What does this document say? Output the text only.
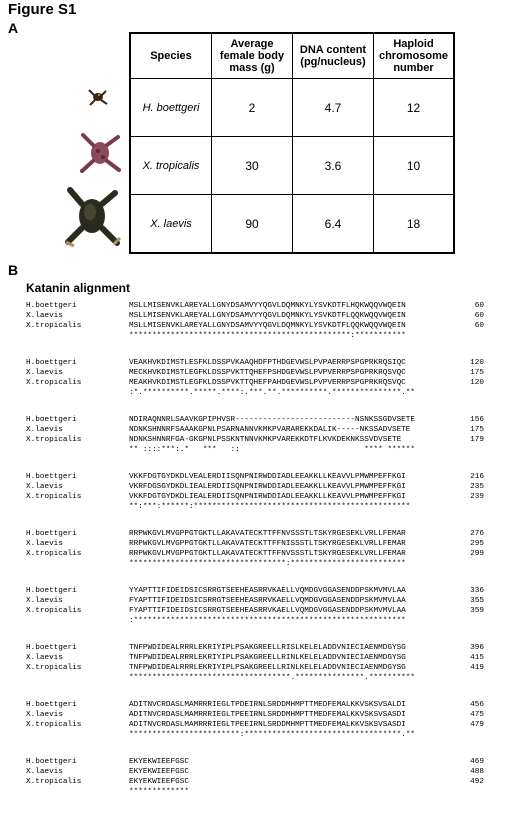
Figure S1
A
Species	Average female body mass (g)	DNA content (pg/nucleus)	Haploid chromosome number
H. boettgeri	2	4.7	12
X. tropicalis	30	3.6	10
X. laevis	90	6.4	18
B
Katanin alignment
H.boettgeri	MSLLMISENVKLAREYALLGNYDSAMVYYQGVLDQMNKYLYSVKDTFLHQKWQQVWQEIN	60
X.laevis	MSLLMISENVKLAREYALLGNYDSAMVYYQGVLDQMNKYLYSVKDTFLQQKWQQVWQEIN	60
X.tropicalis	MSLLMISENVKLAREYALLGNYDSAMVYYQGVLDQMNKYLYSVKDTFLQQKWQQVWQEIN	60
************************************************:***********
H.boettgeri	VEAKHVKDIMSTLESFKLDSSPVKAAQHDFPTHDGEVWSLPVPAERRPSPGPRKRQSIQC	120
X.laevis	MECKHVKDIMSTLEGFKLDSSPVKTTQHEFPSHDGEVWSLPVPVERRPSPGPRKRQSVQC	175
X.tropicalis	MEAKHVKDIMSTLEGFKLDSSPVKTTQHEFPAHDGEVWSLPVPVERRPSPGPRKRQSVQC	120
:*.**********.*****.****:.***.**.**********.***************.**
H.boettgeri	NDIRAQNNRLSAAVKGPIPHVSR--------------------------NSNKSSGDVSETE	156
X.laevis	NDNKSHNNRFSAAAKGPNLPSARNANNVKMKPVARAREKKDALIK-----NKSSADVSETE	175
X.tropicalis	NDNKSHNNRFGA-GKGPNLPSSKNTNNVKMKPVAREKKDTFLKVKDEKNKSSVDVSETE	179
** ::::***:.*   ***   ::                           **** ******
H.boettgeri	VKKFDGTGYDKDLVEALERDIISQNPNIRWDDIADLEEAKKLLKEAVVLPMWMPEFFKGI	216
X.laevis	VKRFDGSGYDKDLIEALERDIISQNPNIRWDDIADLEEAKKLLKEAVVLPMWMPEFFKGI	235
X.tropicalis	VKKFDGTGYDKDLIEALERDIISQNPNIRWDDIADLEEAKKLLKEAVVLPMWMPEFFKGI	239
**:***:******:***********************************************
H.boettgeri	RRPWKGVLMVGPPGTGKTLLAKAVATECKTTFFNVSSSTLTSKYRGESEKLVRLLFEMAR	276
X.laevis	RRPWKGVLMVGPPGTGKTLLAKAVATECKTTFFNISSSTLTSKYRGESEKLVRLLFEMAR	295
X.tropicalis	RRPWKGVLMVGPPGTGKTLLAKAVATECKTTFFNVSSSTLTSKYRGESEKLVRLLFEMAR	299
**********************************:*************************
H.boettgeri	YYAPTTIFIDEIDSICSRRGTSEEHEASRRVKAELLVQMDGVGGASENDDPSKMVMVLAA	336
X.laevis	FYAPTTIFIDEIDSICSRRGTSEEHEASRRVKAELLVQMDGVGGASENDDPSKMVMVLAA	355
X.tropicalis	FYAPTTIFIDEIDSICSRRGTSEEHEASRRVKAELLVQMDGVGGASENDDPSKMVMVLAA	359
:***********************************************************
H.boettgeri	TNFPWDIDEALRRRLEKRIYIPLPSAKGREELLRISLKELELADDVNIECIAENMDGYSG	396
X.laevis	TNFPWDIDEALRRRLEKRIYIPLPSAKGREELLRINLKELELADDVNIECIAENMDGYSG	415
X.tropicalis	TNFPWDIDEALRRRLEKRIYIPLPSAKGREELLRINLKELELADDVNIECIAENMDGYSG	419
***********************************.***************.**********
H.boettgeri	ADITNVCRDASLMAMRRRIEGLTPDEIRNLSRDDMHMPTTMEDFEMALKKVSKSVSALDI	456
X.laevis	ADITNVCRDASLMAMRRRIEGLTPEEIRNLSRDDMHMPTTMEDFEMALKKVSKSVSASDI	475
X.tropicalis	ADITNVCRDASLMAMRRRIEGLTPEEIRNLSRDDMHMPTTMEDFEMALKKVSKSVSASDI	479
************************:**********************************.**
H.boettgeri	EKYEKWIEEFGSC	469
X.laevis	EKYEKWIEEFGSC	488
X.tropicalis	EKYEKWIEEFGSC	492
*************
